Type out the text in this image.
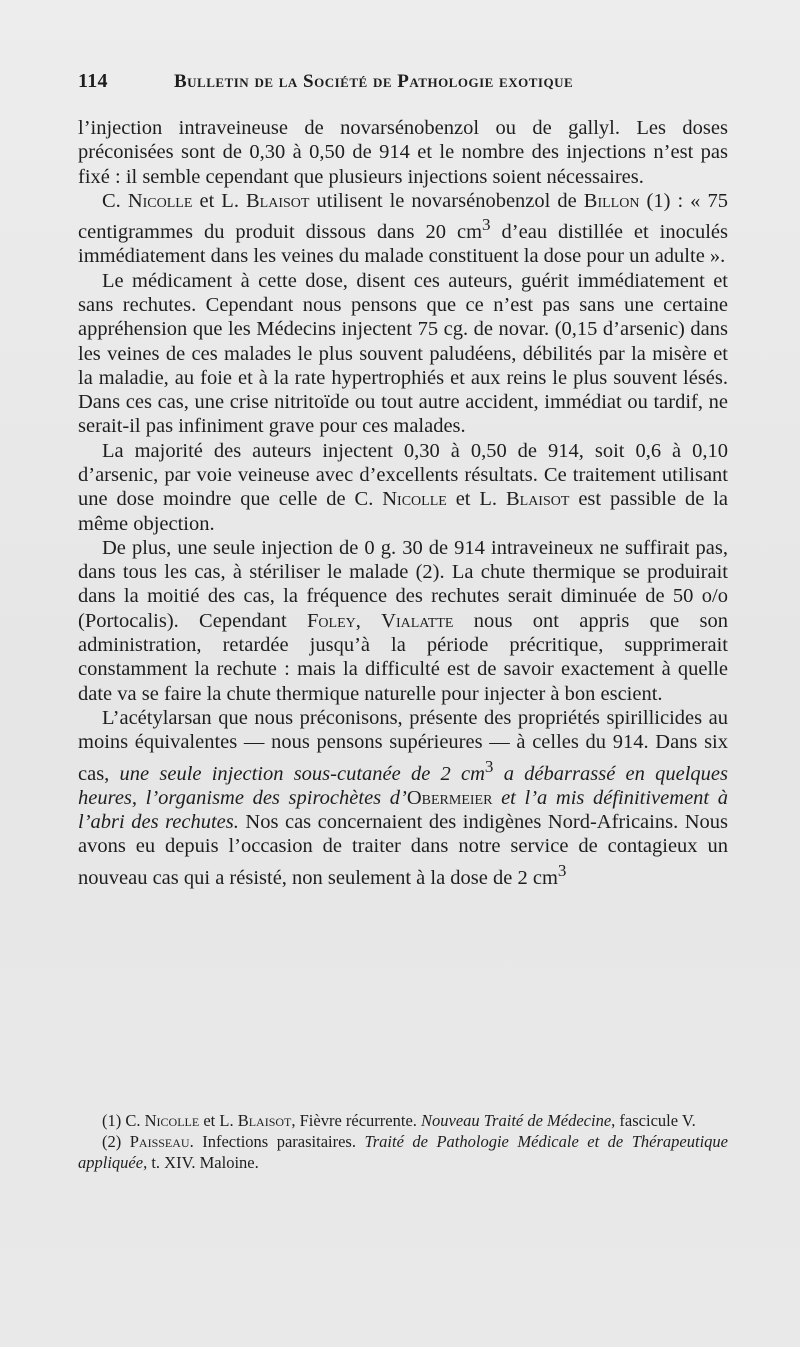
114	Bulletin de la Société de Pathologie exotique

l’injection intraveineuse de novarsénobenzol ou de gallyl. Les doses préconisées sont de 0,30 à 0,50 de 914 et le nombre des injections n’est pas fixé : il semble cependant que plusieurs injections soient nécessaires.

C. Nicolle et L. Blaisot utilisent le novarsénobenzol de Billon (1) : « 75 centigrammes du produit dissous dans 20 $cm^3$ d’eau distillée et inoculés immédiatement dans les veines du malade constituent la dose pour un adulte ».

Le médicament à cette dose, disent ces auteurs, guérit immédiatement et sans rechutes. Cependant nous pensons que ce n’est pas sans une certaine appréhension que les Médecins injectent 75 cg. de novar. (0,15 d’arsenic) dans les veines de ces malades le plus souvent paludéens, débilités par la misère et la maladie, au foie et à la rate hypertrophiés et aux reins le plus souvent lésés. Dans ces cas, une crise nitritoïde ou tout autre accident, immédiat ou tardif, ne serait-il pas infiniment grave pour ces malades.

La majorité des auteurs injectent 0,30 à 0,50 de 914, soit 0,6 à 0,10 d’arsenic, par voie veineuse avec d’excellents résultats. Ce traitement utilisant une dose moindre que celle de C. Nicolle et L. Blaisot est passible de la même objection.

De plus, une seule injection de 0 g. 30 de 914 intraveineux ne suffirait pas, dans tous les cas, à stériliser le malade (2). La chute thermique se produirait dans la moitié des cas, la fréquence des rechutes serait diminuée de 50 o/o (Portocalis). Cependant Foley, Vialatte nous ont appris que son administration, retardée jusqu’à la période précritique, supprimerait constamment la rechute : mais la difficulté est de savoir exactement à quelle date va se faire la chute thermique naturelle pour injecter à bon escient.

L’acétylarsan que nous préconisons, présente des propriétés spirillicides au moins équivalentes — nous pensons supérieures — à celles du 914. Dans six cas, une seule injection sous-cutanée de 2 $cm^3$ a débarrassé en quelques heures, l’organisme des spirochètes d’Obermeier et l’a mis définitivement à l’abri des rechutes. Nos cas concernaient des indigènes Nord-Africains. Nous avons eu depuis l’occasion de traiter dans notre service de contagieux un nouveau cas qui a résisté, non seulement à la dose de 2 $cm^3$

(1) C. Nicolle et L. Blaisot, Fièvre récurrente. Nouveau Traité de Médecine, fascicule V.

(2) Paisseau. Infections parasitaires. Traité de Pathologie Médicale et de Thérapeutique appliquée, t. XIV. Maloine.
